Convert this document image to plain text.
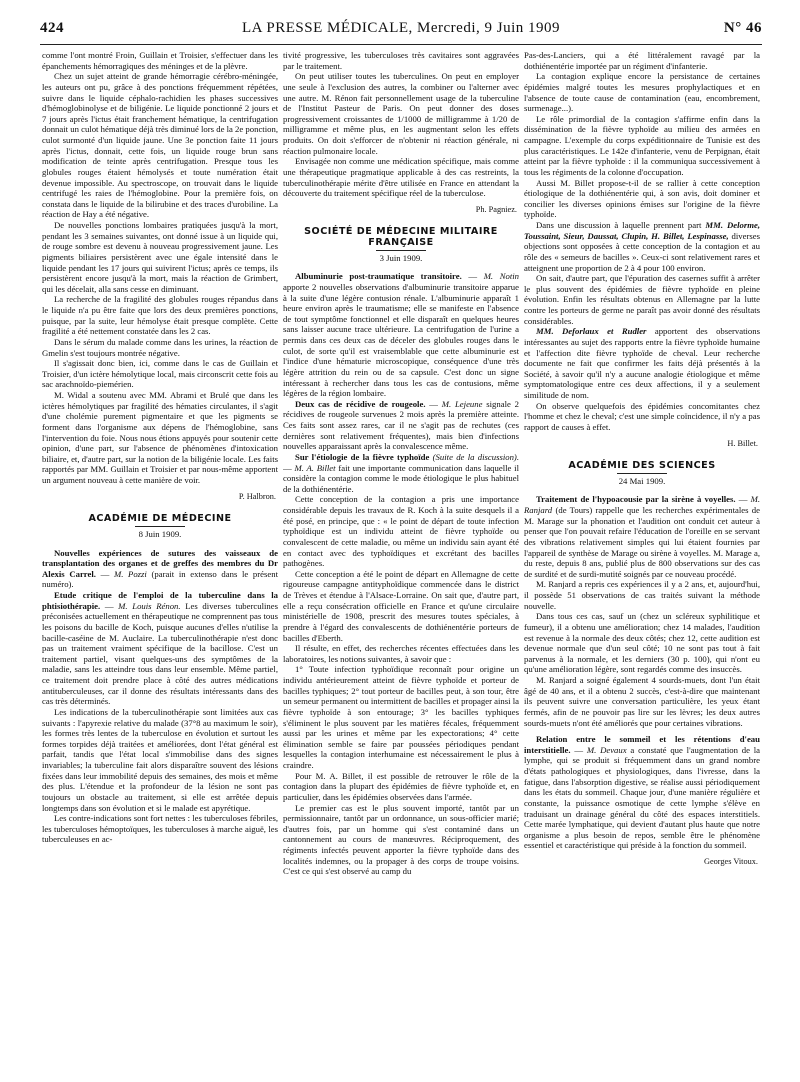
424	LA PRESSE MÉDICALE, Mercredi, 9 Juin 1909	N° 46

comme l'ont montré Froin, Guillain et Troisier, s'effectuer dans les épanchements hémorragiques des méninges et de la plèvre.

Chez un sujet atteint de grande hémorragie cérébro-méningée, les auteurs ont pu, grâce à des ponctions fréquemment répétées, suivre dans le liquide céphalo-rachidien les phases successives d'hémoglobinolyse et de biligénie. Le liquide ponctionné 2 jours et 7 jours après l'ictus était franchement hématique, la centrifugation donnait un culot hématique déjà très diminué lors de la 2e ponction, culot surmonté d'un liquide jaune. Une 3e ponction faite 11 jours après l'ictus, donnait, cette fois, un liquide rouge brun sans modification de teinte après centrifugation. Presque tous les globules rouges étaient hémolysés et toute numération était devenue impossible. Au spectroscope, on trouvait dans le liquide centrifugé les raies de l'hémoglobine. Pour la première fois, on constata dans le liquide de la bilirubine et des traces d'urobiline. La réaction de Hay a été négative.

De nouvelles ponctions lombaires pratiquées jusqu'à la mort, pendant les 3 semaines suivantes, ont donné issue à un liquide qui, de rouge sombre est devenu à nouveau progressivement jaune. Les pigments biliaires persistèrent avec une égale intensité dans le liquide pendant les 17 jours qui suivirent l'ictus; après ce temps, ils persistèrent encore jusqu'à la mort, mais la réaction de Grimbert, qui les décelait, alla sans cesse en diminuant.

La recherche de la fragilité des globules rouges répandus dans le liquide n'a pu être faite que lors des deux premières ponctions, puisque, par la suite, leur hémolyse était presque complète. Cette fragilité a été nettement constatée dans les 2 cas.

Dans le sérum du malade comme dans les urines, la réaction de Gmelin s'est toujours montrée négative.

Il s'agissait donc bien, ici, comme dans le cas de Guillain et Troisier, d'un ictère hémolytique local, mais circonscrit cette fois au sac arachnoïdo-piemérien.

M. Widal a soutenu avec MM. Abrami et Brulé que dans les ictères hémolytiques par fragilité des hématies circulantes, il s'agit d'une cholémie purement pigmentaire et que les pigments se forment dans l'organisme aux dépens de l'hémoglobine, sans l'intervention du foie. Nous nous étions appuyés pour soutenir cette opinion, d'une part, sur l'absence de phénomènes d'intoxication biliaire, et, d'autre part, sur la notion de la biligénie locale. Les faits rapportés par MM. Guillain et Troisier et par nous-même apportent un argument nouveau à cette manière de voir.

P. Halbron.
ACADÉMIE DE MÉDECINE
8 Juin 1909.

Nouvelles expériences de sutures des vaisseaux de transplantation des organes et de greffes des membres du Dr Alexis Carrel. — M. Pozzi (parait in extenso dans le présent numéro).

Etude critique de l'emploi de la tuberculine dans la phtisiothérapie. — M. Louis Rénon. Les diverses tuberculines préconisées actuellement en thérapeutique ne comprennent pas tous les poisons du bacille de Koch, puisque aucunes d'elles n'utilise la bacille-caséine de M. Auclaire. La tuberculinothérapie n'est donc pas un traitement vraiment spécifique de la bacillose. C'est un traitement partiel, visant quelques-uns des symptômes de la maladie, sans les atteindre tous dans leur ensemble. Même partiel, ce traitement doit prendre place à côté des autres médications antituberculeuses, car il donne des résultats intéressants dans des cas très déterminés.

Les indications de la tuberculinothérapie sont limitées aux cas suivants : l'apyrexie relative du malade (37°8 au maximum le soir), les formes très lentes de la tuberculose en évolution et surtout les formes torpides déjà traitées et améliorées, dont l'état général est parfait, tandis que l'état local s'immobilise dans des signes invariables; la tuberculine fait alors disparaître souvent des lésions fixées dans leur immobilité depuis des semaines, des mois et même des plus. L'étendue et la profondeur de la lésion ne sont pas toujours un obstacle au traitement, si elle est arrêtée depuis longtemps dans son évolution et si le malade est apyrétique.

Les contre-indications sont fort nettes : les tuberculoses fébriles, les tuberculoses hémoptoïques, les tuberculoses à marche aiguë, les tuberculeuses en ac-

tivité progressive, les tuberculoses très cavitaires sont aggravées par le traitement.

On peut utiliser toutes les tuberculines. On peut en employer une seule à l'exclusion des autres, la combiner ou l'alterner avec une autre. M. Rénon fait personnellement usage de la tuberculine de l'Institut Pasteur de Paris. On peut donner des doses progressivement croissantes de 1/1000 de milligramme à 1/20 de milligramme et même plus, en les augmentant selon les effets produits. On doit s'efforcer de n'obtenir ni réaction générale, ni réaction pulmonaire locale.

Envisagée non comme une médication spécifique, mais comme une thérapeutique pragmatique applicable à des cas restreints, la tuberculinothérapie mérite d'être utilisée en France en attendant la découverte du traitement spécifique réel de la tuberculose.

Ph. Pagniez.
SOCIÉTÉ DE MÉDECINE MILITAIRE FRANÇAISE
3 Juin 1909.

Albuminurie post-traumatique transitoire. — M. Notin apporte 2 nouvelles observations d'albuminurie transitoire apparue à la suite d'une légère contusion rénale. L'albuminurie apparaît 1 heure environ après le traumatisme; elle se manifeste en l'absence de tout symptôme fonctionnel et elle disparaît en quelques heures sans laisser aucune trace ultérieure. La centrifugation de l'urine a permis dans ces deux cas de déceler des globules rouges dans le culot, de sorte qu'il est vraisemblable que cette albuminurie est l'indice d'une hématurie microscopique, conséquence d'une très légère attrition du rein ou de sa capsule. C'est donc un signe intéressant à rechercher dans tous les cas de contusions, même légères de la région lombaire.

Deux cas de récidive de rougeole. — M. Lejeune signale 2 récidives de rougeole survenues 2 mois après la première atteinte. Ces faits sont assez rares, car il ne s'agit pas de rechutes (ces dernières sont relativement fréquentes), mais bien d'infections nouvelles apparaissant après la convalescence même.

Sur l'étiologie de la fièvre typhoïde (Suite de la discussion). — M. A. Billet fait une importante communication dans laquelle il considère la contagion comme le mode étiologique le plus habituel de la dothiénentérie.

Cette conception de la contagion a pris une importance considérable depuis les travaux de R. Koch à la suite desquels il a été posé, en principe, que : « le point de départ de toute infection typhoïdique est un individu atteint de fièvre typhoïde ou convalescent de cette maladie, ou même un individu sain ayant été en contact avec des typhoïdiques et excrétant des bacilles pathogènes.

Cette conception a été le point de départ en Allemagne de cette rigoureuse campagne antityphoïdique commencée dans le district de Trèves et étendue à l'Alsace-Lorraine. On sait que, d'autre part, elle a reçu consécration officielle en France et qu'une circulaire ministérielle de 1908, prescrit des mesures toutes spéciales, à prendre à l'égard des convalescents de dothiénentérie porteurs de bacilles d'Eberth.

Il résulte, en effet, des recherches récentes effectuées dans les laboratoires, les notions suivantes, à savoir que :

1° Toute infection typhoïdique reconnaît pour origine un individu antérieurement atteint de fièvre typhoïde et porteur de bacilles typhiques; 2° tout porteur de bacilles peut, à son tour, être un semeur permanent ou intermittent de bacilles et propager ainsi la fièvre typhoïde à son entourage; 3° les bacilles typhiques s'éliminent le plus souvent par les matières fécales, fréquemment aussi par les urines et même par les expectorations; 4° cette élimination semble se faire par poussées périodiques pendant lesquelles la contagion interhumaine est nécessairement le plus à craindre.

Pour M. A. Billet, il est possible de retrouver le rôle de la contagion dans la plupart des épidémies de fièvre typhoïde et, en particulier, dans les épidémies observées dans l'armée.

Le premier cas est le plus souvent importé, tantôt par un permissionnaire, tantôt par un ordonnance, un sous-officier marié; d'autres fois, par un homme qui s'est contaminé dans un cantonnement au cours de manœuvres. Réciproquement, des régiments infectés peuvent apporter la fièvre typhoïde dans des localités indemnes, ou la propager à des corps de troupe voisins. C'est ce qui s'est observé au camp du

Pas-des-Lanciers, qui a été littéralement ravagé par la dothiénentérie importée par un régiment d'infanterie.

La contagion explique encore la persistance de certaines épidémies malgré toutes les mesures prophylactiques et en l'absence de toute cause de contamination (eau, encombrement, surmenage...).

Le rôle primordial de la contagion s'affirme enfin dans la dissémination de la fièvre typhoïde au milieu des armées en campagne. L'exemple du corps expéditionnaire de Tunisie est des plus caractéristiques. Le 142e d'infanterie, venu de Perpignan, était atteint par la fièvre typhoïde : il la communiqua successivement à tous les régiments de la colonne d'occupation.

Aussi M. Billet propose-t-il de se rallier à cette conception étiologique de la dothiénentérie qui, à son avis, doit dominer et concilier les diverses opinions émises sur l'origine de la fièvre typhoïde.

Dans une discussion à laquelle prennent part MM. Delorme, Toussaint, Sieur, Daussat, Clupin, H. Billet, Lespinasse, diverses objections sont opposées à cette conception de la contagion et au rôle des « semeurs de bacilles ». Ceux-ci sont relativement rares et atteignent une proportion de 2 à 4 pour 100 environ.

On sait, d'autre part, que l'épuration des casernes suffit à arrêter le plus souvent des épidémies de fièvre typhoïde en pleine évolution. Enfin les résultats obtenus en Allemagne par la lutte contre les porteurs de germe ne paraît pas avoir donné des résultats considérables.

MM. Deforlaux et Rudler apportent des observations intéressantes au sujet des rapports entre la fièvre typhoïde humaine et l'affection dite fièvre typhoïde de cheval. Leur recherche documente ne fait que confirmer les faits déjà présentés à la Société, à savoir qu'il n'y a aucune analogie étiologique et même symptomatologique entre ces deux affections, il y a seulement similitude de nom.

On observe quelquefois des épidémies concomitantes chez l'homme et chez le cheval; c'est une simple coïncidence, il n'y a pas rapport de causes à effet.

H. Billet.
ACADÉMIE DES SCIENCES
24 Mai 1909.

Traitement de l'hypoacousie par la sirène à voyelles. — M. Ranjard (de Tours) rappelle que les recherches expérimentales de M. Marage sur la phonation et l'audition ont conduit cet auteur à penser que l'on pouvait refaire l'éducation de l'oreille en se servant des vibrations relativement simples qui lui étaient fournies par l'appareil de synthèse de Marage ou sirène à voyelles. M. Marage a, du reste, depuis 8 ans, publié plus de 800 observations sur des cas de surdité et de surdi-mutité soignés par ce nouveau procédé.

M. Ranjard a repris ces expériences il y a 2 ans, et, aujourd'hui, il possède 51 observations de cas traités suivant la méthode nouvelle.

Dans tous ces cas, sauf un (chez un scléreux syphilitique et fumeur), il a obtenu une amélioration; chez 14 malades, l'audition est revenue à la normale des deux côtés; chez 12, cette audition est devenue normale que d'un seul côté; 10 ne sont pas tout à fait parvenus à la normale, et les derniers (30 p. 100), qui n'ont eu qu'une amélioration légère, sont regardés comme des insuccès.

M. Ranjard a soigné également 4 sourds-muets, dont l'un était âgé de 40 ans, et il a obtenu 2 succès, c'est-à-dire que maintenant ils peuvent suivre une conversation particulière, les yeux étant fermés, afin de ne pouvoir pas lire sur les lèvres; les deux autres sourds-muets n'ont été améliorés que pour certaines vibrations.

Relation entre le sommeil et les rétentions d'eau interstitielle. — M. Devaux a constaté que l'augmentation de la lymphe, qui se produit si fréquemment dans un grand nombre d'états pathologiques et physiologiques, dans l'ivresse, dans la fatigue, dans l'absorption digestive, se réalise aussi périodiquement dans les états du sommeil. Chaque jour, d'une manière régulière et constante, la puissance osmotique de cette lymphe s'élève en traduisant un drainage général du côté des espaces interstitiels. Cette marée lymphatique, qui devient d'autant plus haute que notre organisme a plus besoin de repos, semble être le phénomène essentiel et caractéristique qui préside à la fonction du sommeil.

Georges Vitoux.
